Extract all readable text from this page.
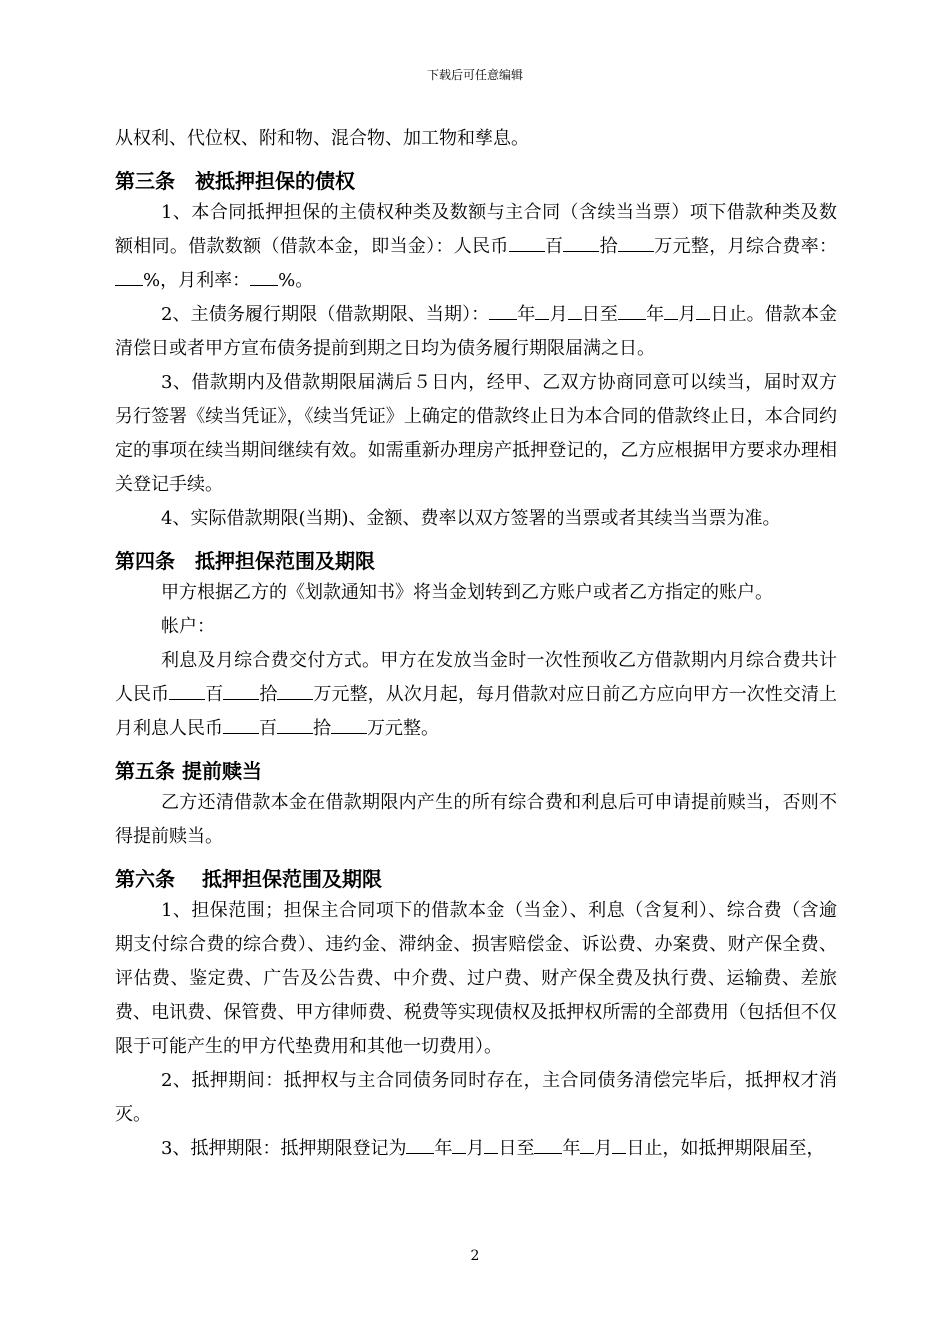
下载后可任意编辑

从权利、代位权、附和物、混合物、加工物和孳息。

第三条　被抵押担保的债权

1、本合同抵押担保的主债权种类及数额与主合同（含续当当票）项下借款种类及数额相同。借款数额（借款本金，即当金）：人民币 百 拾 万元整，月综合费率：%，月利率： %。

2、主债务履行期限（借款期限、当期）： 年 月 日至 年 月 日止。借款本金清偿日或者甲方宣布债务提前到期之日均为债务履行期限届满之日。

3、借款期内及借款期限届满后５日内，经甲、乙双方协商同意可以续当，届时双方另行签署《续当凭证》，《续当凭证》上确定的借款终止日为本合同的借款终止日，本合同约定的事项在续当期间继续有效。如需重新办理房产抵押登记的，乙方应根据甲方要求办理相关登记手续。

4、实际借款期限(当期)、金额、费率以双方签署的当票或者其续当当票为准。

第四条　抵押担保范围及期限

甲方根据乙方的《划款通知书》将当金划转到乙方账户或者乙方指定的账户。

帐户：

利息及月综合费交付方式。甲方在发放当金时一次性预收乙方借款期内月综合费共计人民币 百 拾 万元整，从次月起，每月借款对应日前乙方应向甲方一次性交清上月利息人民币 百 拾 万元整。

第五条 提前赎当

乙方还清借款本金在借款期限内产生的所有综合费和利息后可申请提前赎当，否则不得提前赎当。

第六条　 抵押担保范围及期限

1、担保范围；担保主合同项下的借款本金（当金）、利息（含复利）、综合费（含逾期支付综合费的综合费）、违约金、滞纳金、损害赔偿金、诉讼费、办案费、财产保全费、评估费、鉴定费、广告及公告费、中介费、过户费、财产保全费及执行费、运输费、差旅费、电讯费、保管费、甲方律师费、税费等实现债权及抵押权所需的全部费用（包括但不仅限于可能产生的甲方代垫费用和其他一切费用）。

2、抵押期间：抵押权与主合同债务同时存在，主合同债务清偿完毕后，抵押权才消灭。

3、抵押期限：抵押期限登记为 年 月 日至 年 月 日止，如抵押期限届至，

2
